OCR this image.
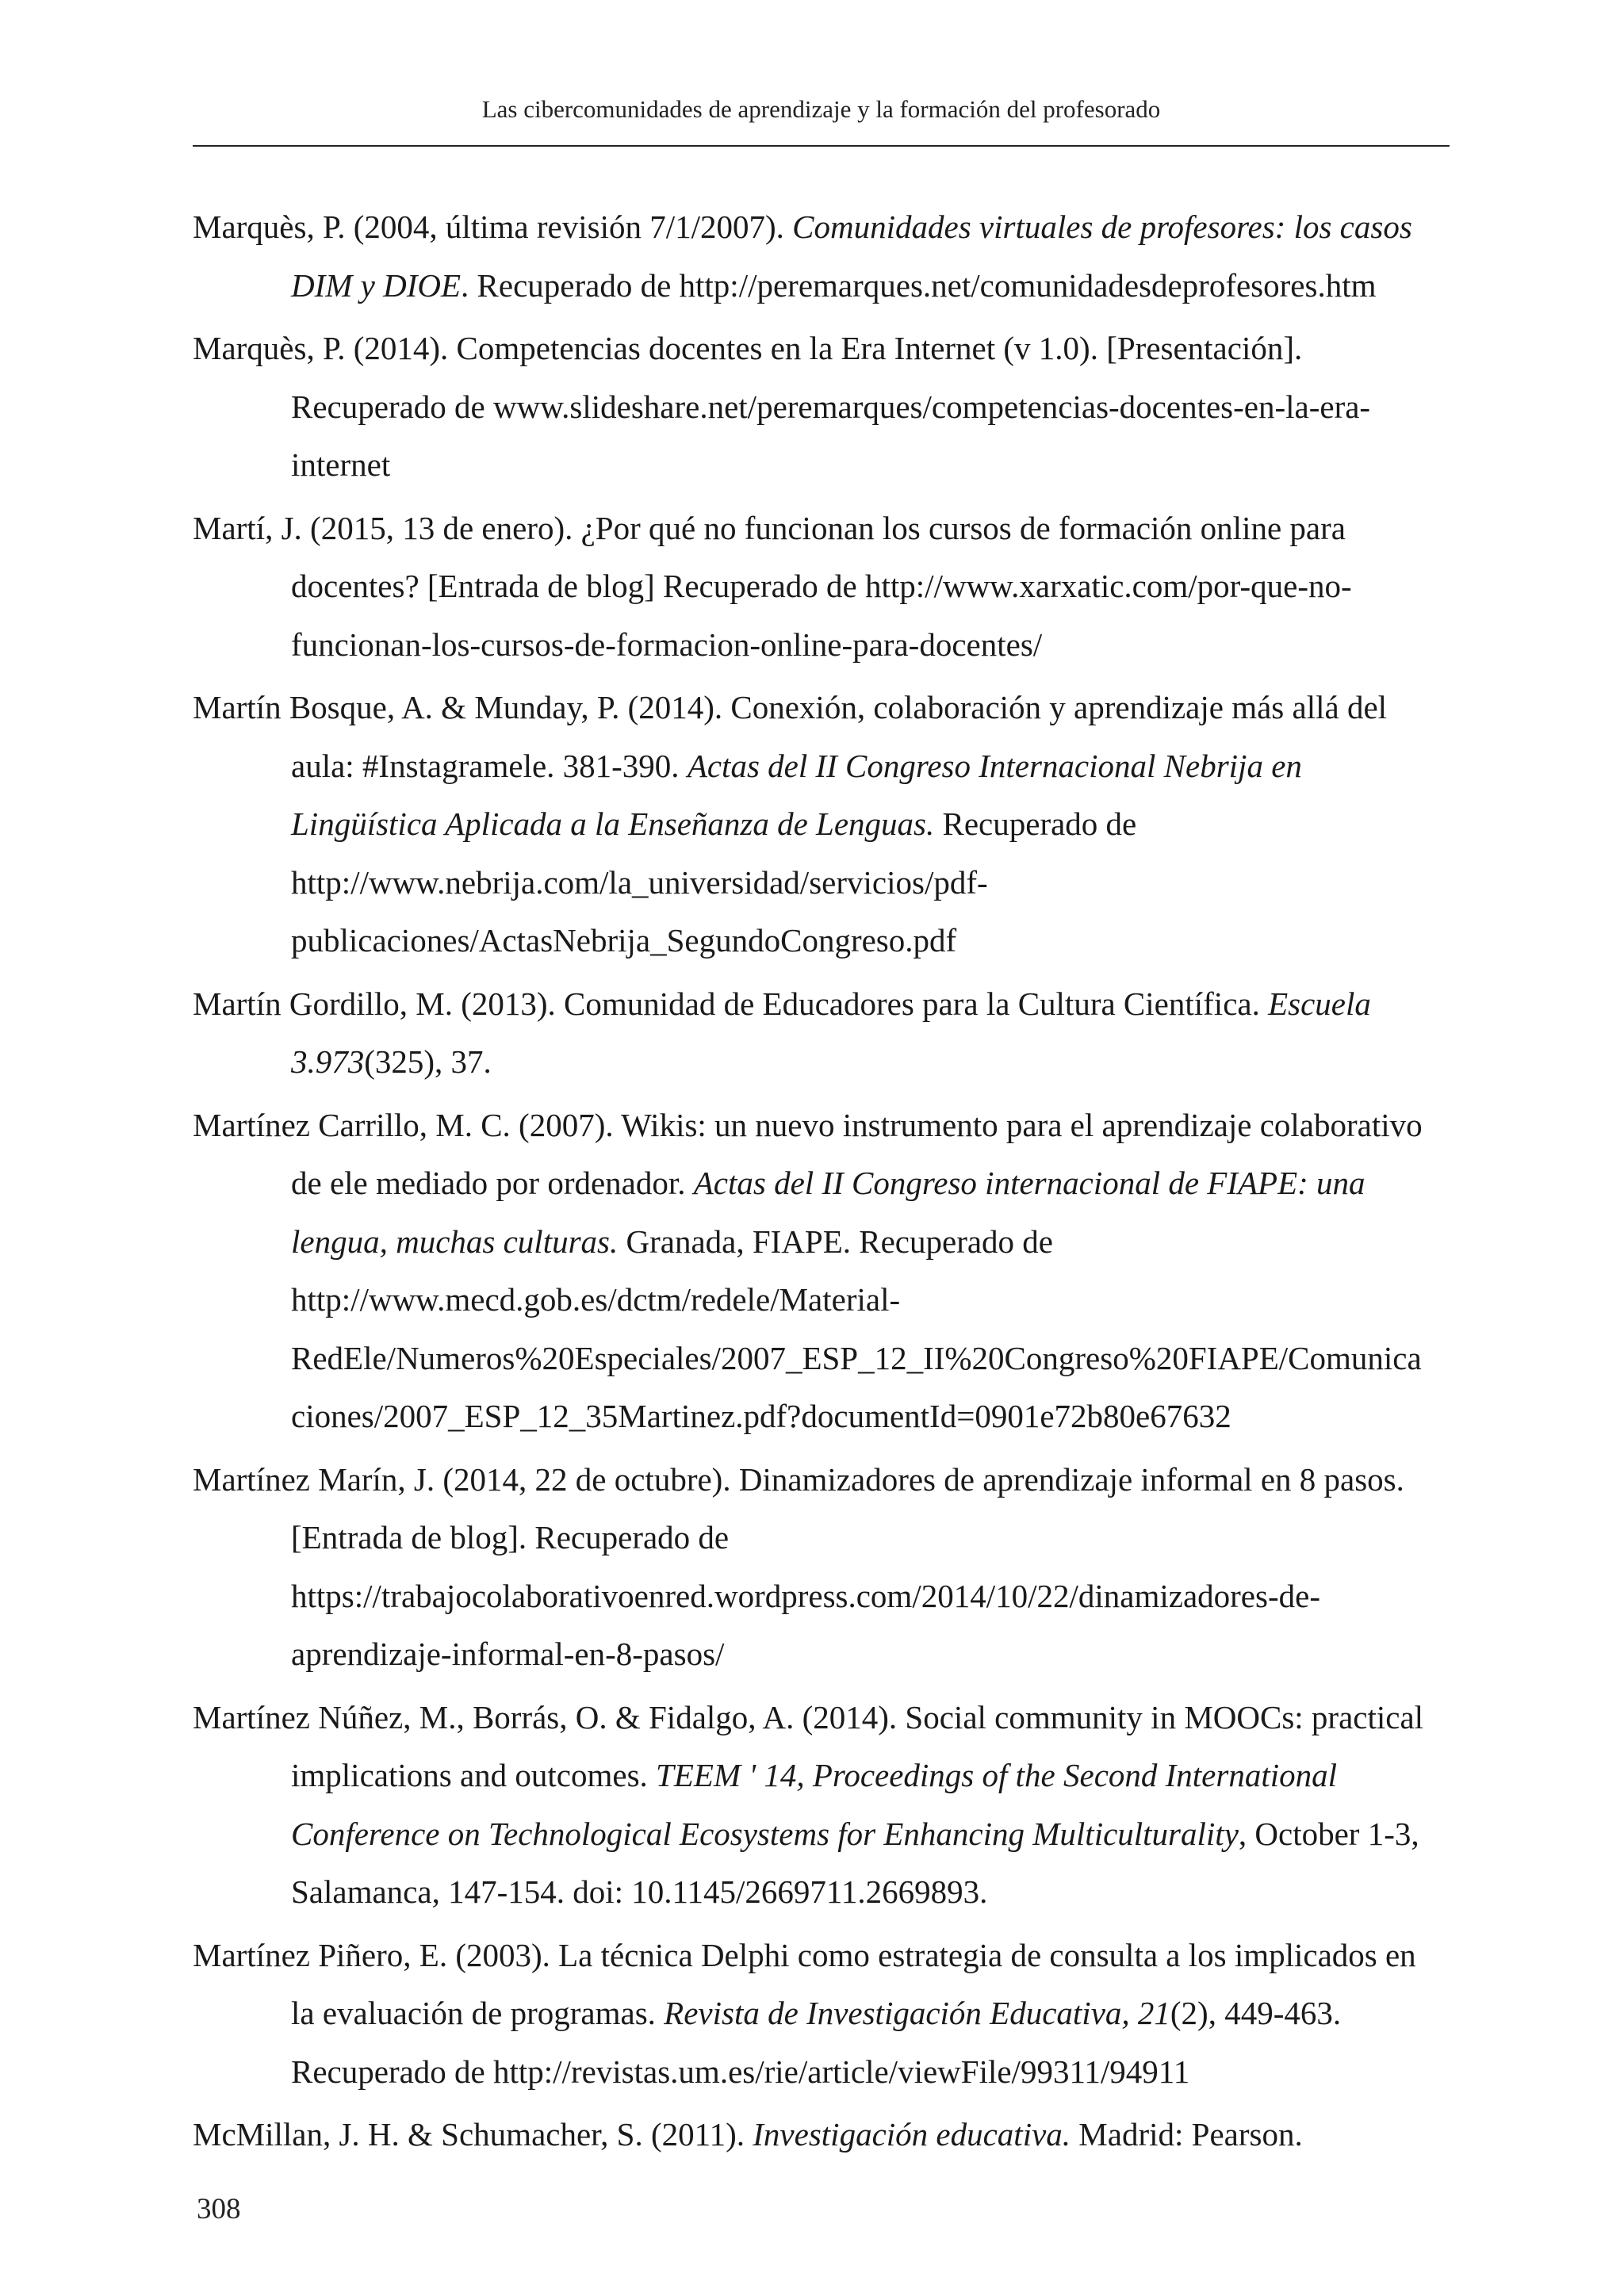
Las cibercomunidades de aprendizaje y la formación del profesorado

Marquès, P. (2004, última revisión 7/1/2007). Comunidades virtuales de profesores: los casos
DIM y DIOE. Recuperado de http://peremarques.net/comunidadesdeprofesores.htm

Marquès, P. (2014). Competencias docentes en la Era Internet (v 1.0). [Presentación].
Recuperado de www.slideshare.net/peremarques/competencias-docentes-en-la-era-
internet

Martí, J. (2015, 13 de enero). ¿Por qué no funcionan los cursos de formación online para
docentes? [Entrada de blog] Recuperado de http://www.xarxatic.com/por-que-no-
funcionan-los-cursos-de-formacion-online-para-docentes/

Martín Bosque, A. & Munday, P. (2014). Conexión, colaboración y aprendizaje más allá del
aula: #Instagramele. 381-390. Actas del II Congreso Internacional Nebrija en
Lingüística Aplicada a la Enseñanza de Lenguas. Recuperado de
http://www.nebrija.com/la_universidad/servicios/pdf-
publicaciones/ActasNebrija_SegundoCongreso.pdf

Martín Gordillo, M. (2013). Comunidad de Educadores para la Cultura Científica. Escuela
3.973(325), 37.

Martínez Carrillo, M. C. (2007). Wikis: un nuevo instrumento para el aprendizaje colaborativo
de ele mediado por ordenador. Actas del II Congreso internacional de FIAPE: una
lengua, muchas culturas. Granada, FIAPE. Recuperado de
http://www.mecd.gob.es/dctm/redele/Material-
RedEle/Numeros%20Especiales/2007_ESP_12_II%20Congreso%20FIAPE/Comunica
ciones/2007_ESP_12_35Martinez.pdf?documentId=0901e72b80e67632

Martínez Marín, J. (2014, 22 de octubre). Dinamizadores de aprendizaje informal en 8 pasos.
[Entrada de blog]. Recuperado de
https://trabajocolaborativoenred.wordpress.com/2014/10/22/dinamizadores-de-
aprendizaje-informal-en-8-pasos/

Martínez Núñez, M., Borrás, O. & Fidalgo, A. (2014). Social community in MOOCs: practical
implications and outcomes. TEEM ' 14, Proceedings of the Second International
Conference on Technological Ecosystems for Enhancing Multiculturality, October 1-3,
Salamanca, 147-154. doi: 10.1145/2669711.2669893.

Martínez Piñero, E. (2003). La técnica Delphi como estrategia de consulta a los implicados en
la evaluación de programas. Revista de Investigación Educativa, 21(2), 449-463.
Recuperado de http://revistas.um.es/rie/article/viewFile/99311/94911

McMillan, J. H. & Schumacher, S. (2011). Investigación educativa. Madrid: Pearson.

308
